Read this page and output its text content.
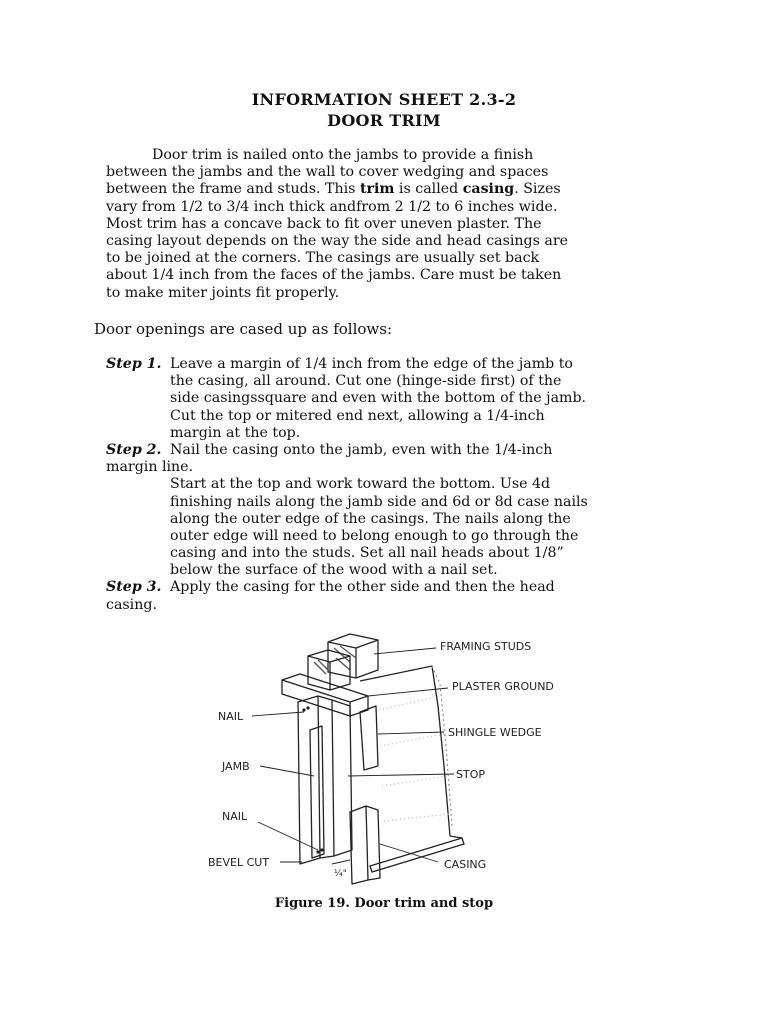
INFORMATION SHEET 2.3-2
DOOR TRIM
Door trim is nailed onto the jambs to provide a finish
between the jambs and the wall to cover wedging and spaces
between the frame and studs. This trim is called casing. Sizes
vary from 1/2 to 3/4 inch thick andfrom 2 1/2 to 6 inches wide.
Most trim has a concave back to fit over uneven plaster. The
casing layout depends on the way the side and head casings are
to be joined at the corners. The casings are usually set back
about 1/4 inch from the faces of the jambs. Care must be taken
to make miter joints fit properly.
Door openings are cased up as follows:
Step 1. Leave a margin of 1/4 inch from the edge of the jamb to
the casing, all around. Cut one (hinge-side first) of the
side casingssquare and even with the bottom of the jamb.
Cut the top or mitered end next, allowing a 1/4-inch
margin at the top.
Step 2. Nail the casing onto the jamb, even with the 1/4-inch
margin line.
Start at the top and work toward the bottom. Use 4d
finishing nails along the jamb side and 6d or 8d case nails
along the outer edge of the casings. The nails along the
outer edge will need to belong enough to go through the
casing and into the studs. Set all nail heads about 1/8”
below the surface of the wood with a nail set.
Step 3. Apply the casing for the other side and then the head
casing.
FRAMING STUDS
PLASTER GROUND
SHINGLE WEDGE
STOP
CASING
NAIL
JAMB
NAIL
BEVEL CUT
¼"
Figure 19. Door trim and stop
